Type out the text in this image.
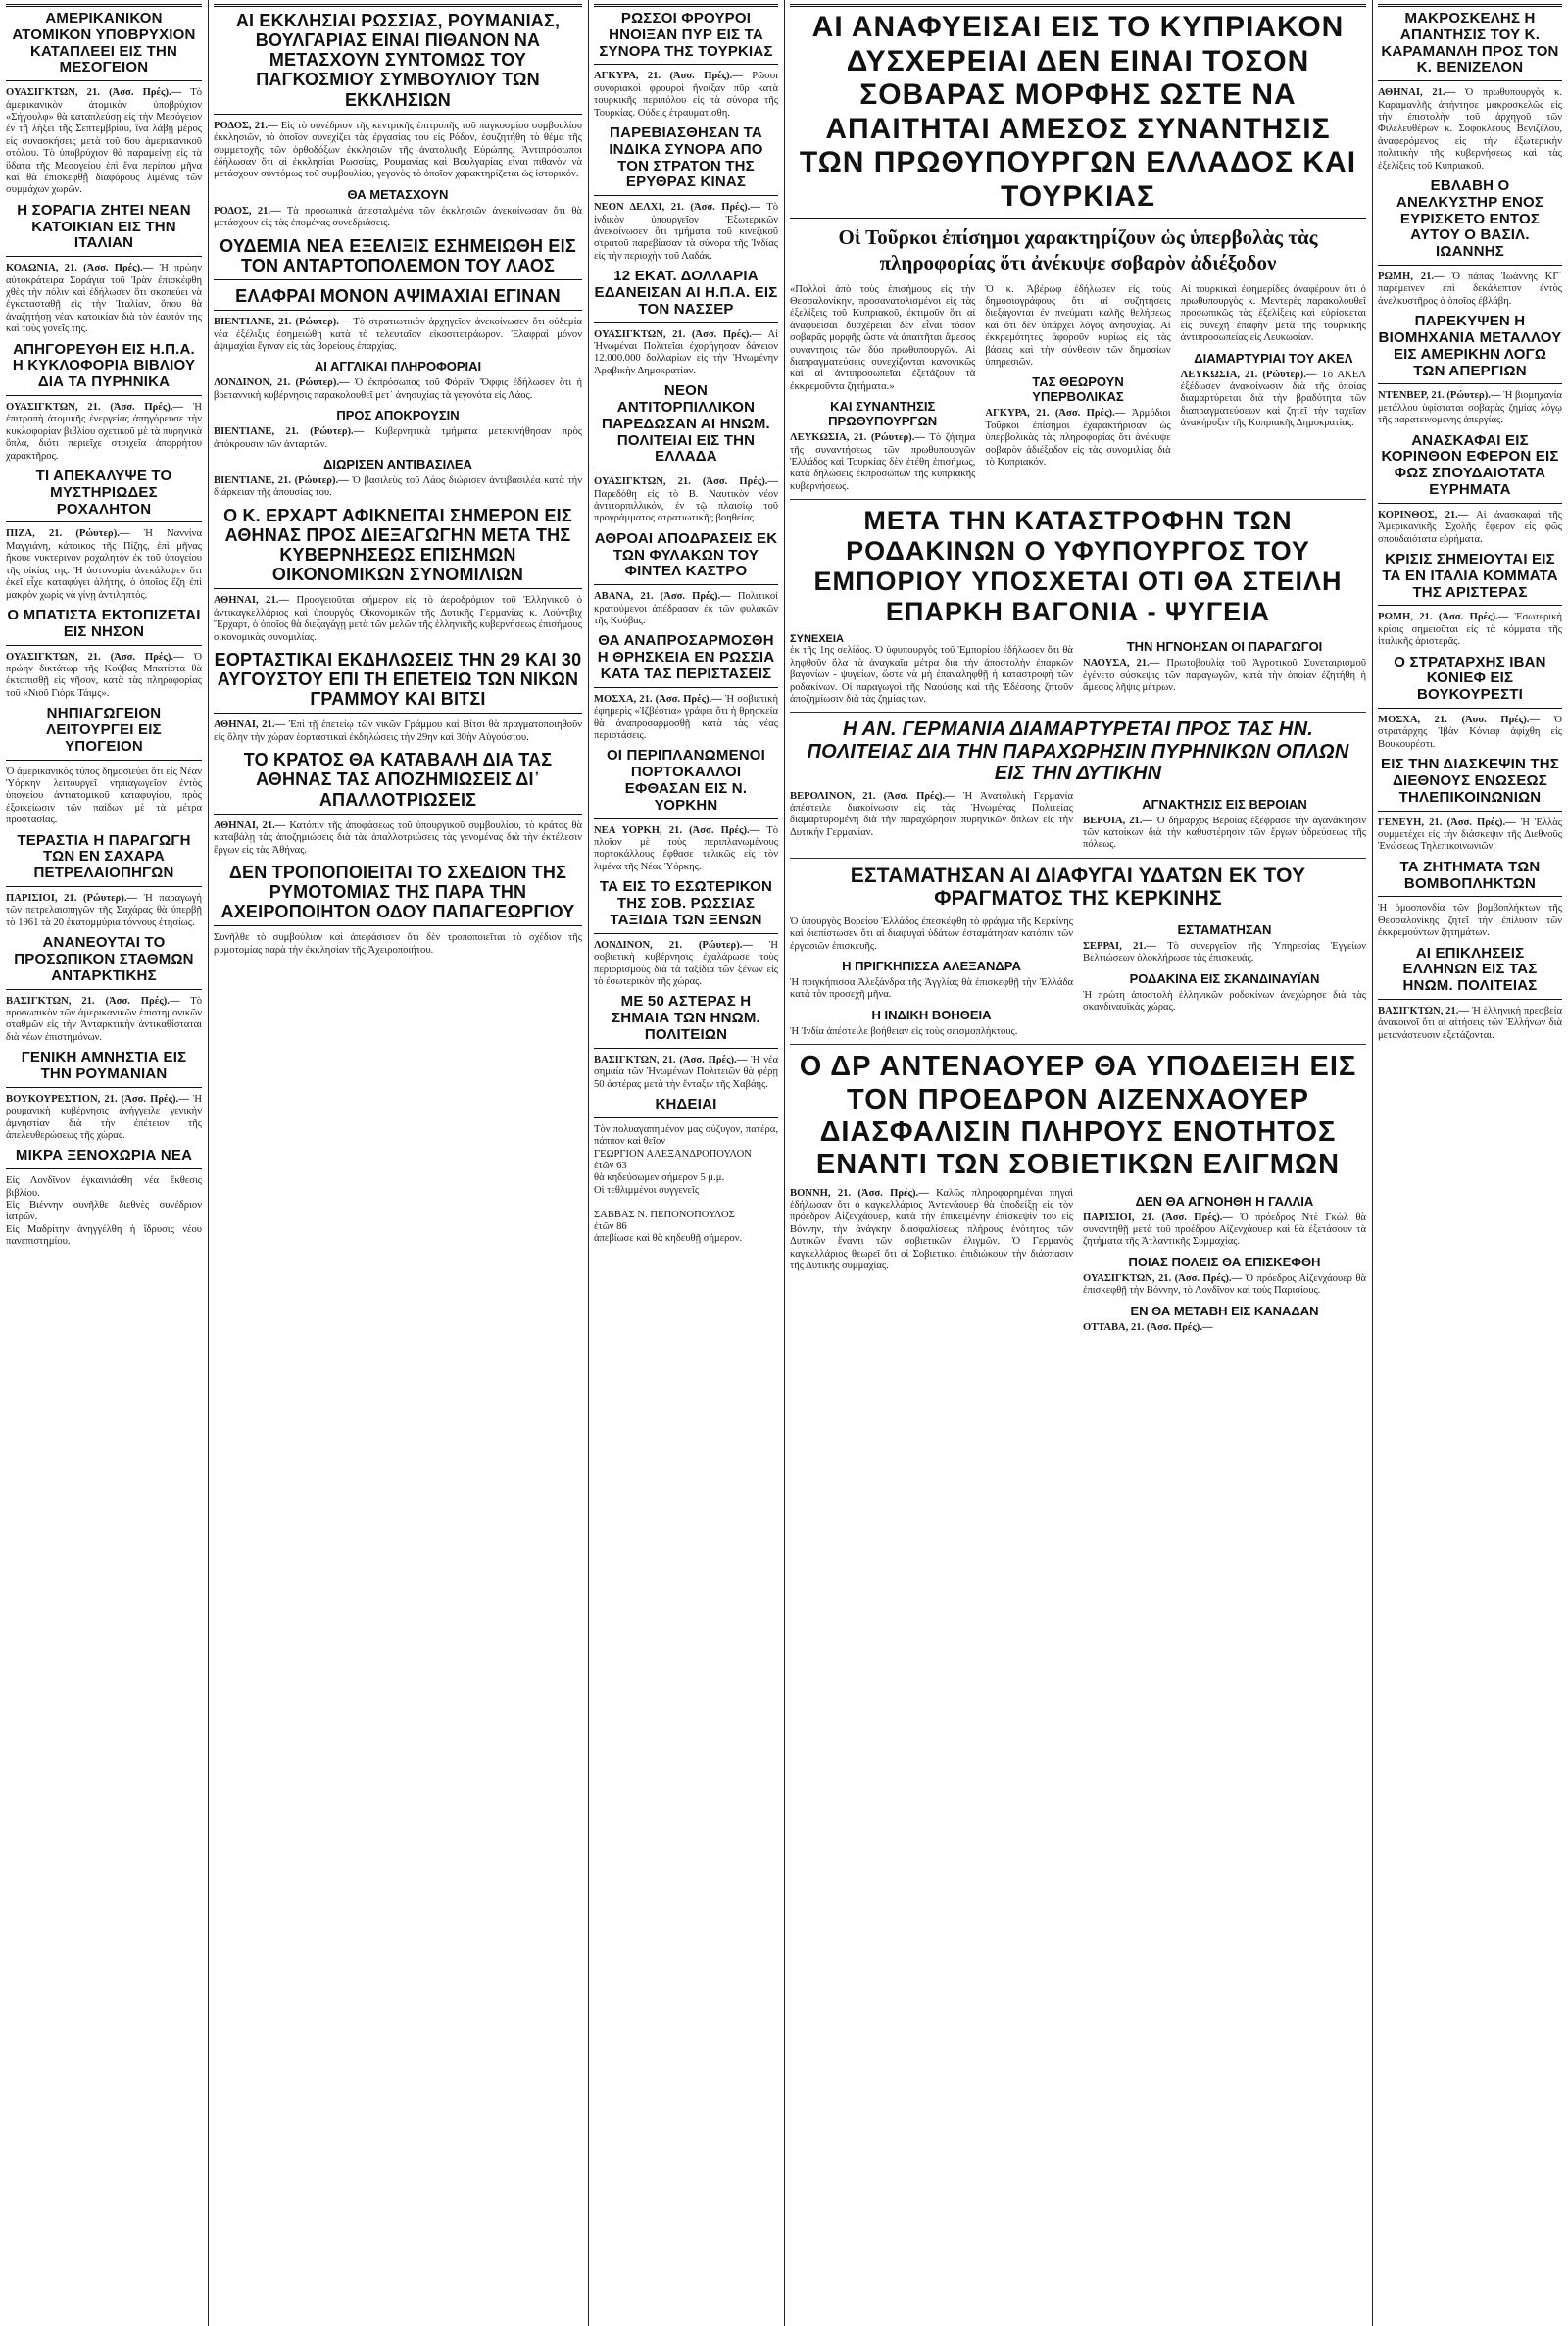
ΑΜΕΡΙΚΑΝΙΚΟΝ ΑΤΟΜΙΚΟΝ ΥΠΟΒΡΥΧΙΟΝ ΚΑΤΑΠΛΕΕΙ ΕΙΣ ΤΗΝ ΜΕΣΟΓΕΙΟΝ

ΟΥΑΣΙΓΚΤΩΝ, 21. (Ἀσσ. Πρές).— Τὸ ἀμερικανικὸν ἀτομικὸν ὑποβρύχιον «Σήγουλφ» θὰ καταπλεύσῃ εἰς τὴν Μεσόγειον ἐν τῇ λήξει τῆς Σεπτεμβρίου, ἵνα λάβῃ μέρος εἰς συνασκήσεις μετὰ τοῦ 6ου ἀμερικανικοῦ στόλου. Τὸ ὑποβρύχιον θὰ παραμείνῃ εἰς τὰ ὕδατα τῆς Μεσογείου ἐπὶ ἕνα περίπου μῆνα καὶ θὰ ἐπισκεφθῇ διαφόρους λιμένας τῶν συμμάχων χωρῶν.

Η ΣΟΡΑΓΙΑ ΖΗΤΕΙ ΝΕΑΝ ΚΑΤΟΙΚΙΑΝ ΕΙΣ ΤΗΝ ΙΤΑΛΙΑΝ

ΚΟΛΩΝΙΑ, 21. (Ἀσσ. Πρές).— Ἡ πρώην αὐτοκράτειρα Σοράγια τοῦ Ἰρὰν ἐπισκέφθη χθὲς τὴν πόλιν καὶ ἐδήλωσεν ὅτι σκοπεύει νὰ ἐγκατασταθῇ εἰς τὴν Ἰταλίαν, ὅπου θὰ ἀναζητήσῃ νέαν κατοικίαν διὰ τὸν ἑαυτόν της καὶ τοὺς γονεῖς της.

ΑΠΗΓΟΡΕΥΘΗ ΕΙΣ Η.Π.Α. Η ΚΥΚΛΟΦΟΡΙΑ ΒΙΒΛΙΟΥ ΔΙΑ ΤΑ ΠΥΡΗΝΙΚΑ

ΟΥΑΣΙΓΚΤΩΝ, 21. (Ἀσσ. Πρές).— Ἡ ἐπιτροπὴ ἀτομικῆς ἐνεργείας ἀπηγόρευσε τὴν κυκλοφορίαν βιβλίου σχετικοῦ μὲ τὰ πυρηνικὰ ὅπλα, διότι περιεῖχε στοιχεῖα ἀπορρήτου χαρακτῆρος.

ΤΙ ΑΠΕΚΑΛΥΨΕ ΤΟ ΜΥΣΤΗΡΙΩΔΕΣ ΡΟΧΑΛΗΤΟΝ

ΠΙΖΑ, 21. (Ρώυτερ).— Ἡ Ναννίνα Μαγγιάνη, κάτοικος τῆς Πίζης, ἐπὶ μῆνας ἤκουε νυκτερινὸν ροχαλητὸν ἐκ τοῦ ὑπογείου τῆς οἰκίας της. Ἡ ἀστυνομία ἀνεκάλυψεν ὅτι ἐκεῖ εἶχε καταφύγει ἀλήτης, ὁ ὁποῖος ἔζη ἐπὶ μακρὸν χωρὶς νὰ γίνῃ ἀντιληπτός.

Ο ΜΠΑΤΙΣΤΑ ΕΚΤΟΠΙΖΕΤΑΙ ΕΙΣ ΝΗΣΟΝ

ΟΥΑΣΙΓΚΤΩΝ, 21. (Ἀσσ. Πρές).— Ὁ πρώην δικτάτωρ τῆς Κούβας Μπατίστα θὰ ἐκτοπισθῇ εἰς νῆσον, κατὰ τὰς πληροφορίας τοῦ «Νιοῦ Γιὸρκ Τάιμς».

ΝΗΠΙΑΓΩΓΕΙΟΝ ΛΕΙΤΟΥΡΓΕΙ ΕΙΣ ΥΠΟΓΕΙΟΝ

Ὁ ἀμερικανικὸς τύπος δημοσιεύει ὅτι εἰς Νέαν Ὑόρκην λειτουργεῖ νηπιαγωγεῖον ἐντὸς ὑπογείου ἀντιατομικοῦ καταφυγίου, πρὸς ἐξοικείωσιν τῶν παίδων μὲ τὰ μέτρα προστασίας.

ΤΕΡΑΣΤΙΑ Η ΠΑΡΑΓΩΓΗ ΤΩΝ ΕΝ ΣΑΧΑΡΑ ΠΕΤΡΕΛΑΙΟΠΗΓΩΝ

ΠΑΡΙΣΙΟΙ, 21. (Ρώυτερ).— Ἡ παραγωγὴ τῶν πετρελαιοπηγῶν τῆς Σαχάρας θὰ ὑπερβῇ τὸ 1961 τὰ 20 ἑκατομμύρια τόννους ἐτησίως.

ΑΝΑΝΕΟΥΤΑΙ ΤΟ ΠΡΟΣΩΠΙΚΟΝ ΣΤΑΘΜΩΝ ΑΝΤΑΡΚΤΙΚΗΣ

ΒΑΣΙΓΚΤΩΝ, 21. (Ἀσσ. Πρές).— Τὸ προσωπικὸν τῶν ἀμερικανικῶν ἐπιστημονικῶν σταθμῶν εἰς τὴν Ἀνταρκτικὴν ἀντικαθίσταται διὰ νέων ἐπιστημόνων.

ΓΕΝΙΚΗ ΑΜΝΗΣΤΙΑ ΕΙΣ ΤΗΝ ΡΟΥΜΑΝΙΑΝ

ΒΟΥΚΟΥΡΕΣΤΙΟΝ, 21. (Ἀσσ. Πρές).— Ἡ ρουμανικὴ κυβέρνησις ἀνήγγειλε γενικὴν ἀμνηστίαν διὰ τὴν ἐπέτειον τῆς ἀπελευθερώσεως τῆς χώρας.

ΜΙΚΡΑ ΞΕΝΟΧΩΡΙΑ ΝΕΑ

Εἰς Λονδῖνον ἐγκαινιάσθη νέα ἔκθεσις βιβλίου.
Εἰς Βιέννην συνῆλθε διεθνὲς συνέδριον ἰατρῶν.
Εἰς Μαδρίτην ἀνηγγέλθη ἡ ἵδρυσις νέου πανεπιστημίου.

ΑΙ ΕΚΚΛΗΣΙΑΙ ΡΩΣΣΙΑΣ, ΡΟΥΜΑΝΙΑΣ, ΒΟΥΛΓΑΡΙΑΣ ΕΙΝΑΙ ΠΙΘΑΝΟΝ ΝΑ ΜΕΤΑΣΧΟΥΝ ΣΥΝΤΟΜΩΣ ΤΟΥ ΠΑΓΚΟΣΜΙΟΥ ΣΥΜΒΟΥΛΙΟΥ ΤΩΝ ΕΚΚΛΗΣΙΩΝ

ΡΟΔΟΣ, 21.— Εἰς τὸ συνέδριον τῆς κεντρικῆς ἐπιτροπῆς τοῦ παγκοσμίου συμβουλίου ἐκκλησιῶν, τὸ ὁποῖον συνεχίζει τὰς ἐργασίας του εἰς Ρόδον, ἐσυζητήθη τὸ θέμα τῆς συμμετοχῆς τῶν ὀρθοδόξων ἐκκλησιῶν τῆς ἀνατολικῆς Εὐρώπης. Ἀντιπρόσωποι ἐδήλωσαν ὅτι αἱ ἐκκλησίαι Ρωσσίας, Ρουμανίας καὶ Βουλγαρίας εἶναι πιθανὸν νὰ μετάσχουν συντόμως τοῦ συμβουλίου, γεγονὸς τὸ ὁποῖον χαρακτηρίζεται ὡς ἱστορικόν.

ΘΑ ΜΕΤΑΣΧΟΥΝ

ΡΟΔΟΣ, 21.— Τὰ προσωπικὰ ἀπεσταλμένα τῶν ἐκκλησιῶν ἀνεκοίνωσαν ὅτι θὰ μετάσχουν εἰς τὰς ἐπομένας συνεδριάσεις.

ΟΥΔΕΜΙΑ ΝΕΑ ΕΞΕΛΙΞΙΣ ΕΣΗΜΕΙΩΘΗ ΕΙΣ ΤΟΝ ΑΝΤΑΡΤΟΠΟΛΕΜΟΝ ΤΟΥ ΛΑΟΣ
ΕΛΑΦΡΑΙ ΜΟΝΟΝ ΑΨΙΜΑΧΙΑΙ ΕΓΙΝΑΝ

ΒΙΕΝΤΙΑΝΕ, 21. (Ρώυτερ).— Τὸ στρατιωτικὸν ἀρχηγεῖον ἀνεκοίνωσεν ὅτι οὐδεμία νέα ἐξέλιξις ἐσημειώθη κατὰ τὸ τελευταῖον εἰκοσιτετράωρον. Ἐλαφραὶ μόνον ἀψιμαχίαι ἔγιναν εἰς τὰς βορείους ἐπαρχίας.

ΑΙ ΑΓΓΛΙΚΑΙ ΠΛΗΡΟΦΟΡΙΑΙ

ΛΟΝΔΙΝΟΝ, 21. (Ρώυτερ).— Ὁ ἐκπρόσωπος τοῦ Φόρεϊν Ὄφφις ἐδήλωσεν ὅτι ἡ βρεταννικὴ κυβέρνησις παρακολουθεῖ μετ᾽ ἀνησυχίας τὰ γεγονότα εἰς Λάος.

ΠΡΟΣ ΑΠΟΚΡΟΥΣΙΝ

ΒΙΕΝΤΙΑΝΕ, 21. (Ρώυτερ).— Κυβερνητικὰ τμήματα μετεκινήθησαν πρὸς ἀπόκρουσιν τῶν ἀνταρτῶν.

ΔΙΩΡΙΣΕΝ ΑΝΤΙΒΑΣΙΛΕΑ

ΒΙΕΝΤΙΑΝΕ, 21. (Ρώυτερ).— Ὁ βασιλεὺς τοῦ Λάος διώρισεν ἀντιβασιλέα κατὰ τὴν διάρκειαν τῆς ἀπουσίας του.

Ο Κ. ΕΡΧΑΡΤ ΑΦΙΚΝΕΙΤΑΙ ΣΗΜΕΡΟΝ ΕΙΣ ΑΘΗΝΑΣ ΠΡΟΣ ΔΙΕΞΑΓΩΓΗΝ ΜΕΤΑ ΤΗΣ ΚΥΒΕΡΝΗΣΕΩΣ ΕΠΙΣΗΜΩΝ ΟΙΚΟΝΟΜΙΚΩΝ ΣΥΝΟΜΙΛΙΩΝ

ΑΘΗΝΑΙ, 21.— Προσγειοῦται σήμερον εἰς τὸ ἀεροδρόμιον τοῦ Ἑλληνικοῦ ὁ ἀντικαγκελλάριος καὶ ὑπουργὸς Οἰκονομικῶν τῆς Δυτικῆς Γερμανίας κ. Λούντβιχ Ἔρχαρτ, ὁ ὁποῖος θὰ διεξαγάγῃ μετὰ τῶν μελῶν τῆς ἑλληνικῆς κυβερνήσεως ἐπισήμους οἰκονομικὰς συνομιλίας.

ΕΟΡΤΑΣΤΙΚΑΙ ΕΚΔΗΛΩΣΕΙΣ ΤΗΝ 29 ΚΑΙ 30 ΑΥΓΟΥΣΤΟΥ ΕΠΙ ΤΗ ΕΠΕΤΕΙΩ ΤΩΝ ΝΙΚΩΝ ΓΡΑΜΜΟΥ ΚΑΙ ΒΙΤΣΙ

ΑΘΗΝΑΙ, 21.— Ἐπὶ τῇ ἐπετείῳ τῶν νικῶν Γράμμου καὶ Βίτσι θὰ πραγματοποιηθοῦν εἰς ὅλην τὴν χώραν ἑορταστικαὶ ἐκδηλώσεις τὴν 29ην καὶ 30ὴν Αὐγούστου.

ΤΟ ΚΡΑΤΟΣ ΘΑ ΚΑΤΑΒΑΛΗ ΔΙΑ ΤΑΣ ΑΘΗΝΑΣ ΤΑΣ ΑΠΟΖΗΜΙΩΣΕΙΣ ΔΙ᾽ ΑΠΑΛΛΟΤΡΙΩΣΕΙΣ

ΑΘΗΝΑΙ, 21.— Κατόπιν τῆς ἀποφάσεως τοῦ ὑπουργικοῦ συμβουλίου, τὸ κράτος θὰ καταβάλῃ τὰς ἀποζημιώσεις διὰ τὰς ἀπαλλοτριώσεις τὰς γενομένας διὰ τὴν ἐκτέλεσιν ἔργων εἰς τὰς Ἀθήνας.

ΔΕΝ ΤΡΟΠΟΠΟΙΕΙΤΑΙ ΤΟ ΣΧΕΔΙΟΝ ΤΗΣ ΡΥΜΟΤΟΜΙΑΣ ΤΗΣ ΠΑΡΑ ΤΗΝ ΑΧΕΙΡΟΠΟΙΗΤΟΝ ΟΔΟΥ ΠΑΠΑΓΕΩΡΓΙΟΥ

Συνῆλθε τὸ συμβούλιον καὶ ἀπεφάσισεν ὅτι δὲν τροποποιεῖται τὸ σχέδιον τῆς ρυμοτομίας παρὰ τὴν ἐκκλησίαν τῆς Ἀχειροποιήτου.

ΡΩΣΣΟΙ ΦΡΟΥΡΟΙ ΗΝΟΙΞΑΝ ΠΥΡ ΕΙΣ ΤΑ ΣΥΝΟΡΑ ΤΗΣ ΤΟΥΡΚΙΑΣ

ΑΓΚΥΡΑ, 21. (Ἀσσ. Πρές).— Ρῶσοι συνοριακοὶ φρουροὶ ἤνοιξαν πῦρ κατὰ τουρκικῆς περιπόλου εἰς τὰ σύνορα τῆς Τουρκίας. Οὐδεὶς ἐτραυματίσθη.

ΠΑΡΕΒΙΑΣΘΗΣΑΝ ΤΑ ΙΝΔΙΚΑ ΣΥΝΟΡΑ ΑΠΟ ΤΟΝ ΣΤΡΑΤΟΝ ΤΗΣ ΕΡΥΘΡΑΣ ΚΙΝΑΣ

ΝΕΟΝ ΔΕΛΧΙ, 21. (Ἀσσ. Πρές).— Τὸ ἰνδικὸν ὑπουργεῖον Ἐξωτερικῶν ἀνεκοίνωσεν ὅτι τμήματα τοῦ κινεζικοῦ στρατοῦ παρεβίασαν τὰ σύνορα τῆς Ἰνδίας εἰς τὴν περιοχὴν τοῦ Λαδάκ.

12 ΕΚΑΤ. ΔΟΛΛΑΡΙΑ ΕΔΑΝΕΙΣΑΝ ΑΙ Η.Π.Α. ΕΙΣ ΤΟΝ ΝΑΣΣΕΡ

ΟΥΑΣΙΓΚΤΩΝ, 21. (Ἀσσ. Πρές).— Αἱ Ἡνωμέναι Πολιτεῖαι ἐχορήγησαν δάνειον 12.000.000 δολλαρίων εἰς τὴν Ἡνωμένην Ἀραβικὴν Δημοκρατίαν.

ΝΕΟΝ ΑΝΤΙΤΟΡΠΙΛΛΙΚΟΝ ΠΑΡΕΔΩΣΑΝ ΑΙ ΗΝΩΜ. ΠΟΛΙΤΕΙΑΙ ΕΙΣ ΤΗΝ ΕΛΛΑΔΑ

ΟΥΑΣΙΓΚΤΩΝ, 21. (Ἀσσ. Πρές).— Παρεδόθη εἰς τὸ Β. Ναυτικὸν νέον ἀντιτορπιλλικόν, ἐν τῷ πλαισίῳ τοῦ προγράμματος στρατιωτικῆς βοηθείας.

ΑΘΡΟΑΙ ΑΠΟΔΡΑΣΕΙΣ ΕΚ ΤΩΝ ΦΥΛΑΚΩΝ ΤΟΥ ΦΙΝΤΕΛ ΚΑΣΤΡΟ

ΑΒΑΝΑ, 21. (Ἀσσ. Πρές).— Πολιτικοὶ κρατούμενοι ἀπέδρασαν ἐκ τῶν φυλακῶν τῆς Κούβας.

ΘΑ ΑΝΑΠΡΟΣΑΡΜΟΣΘΗ Η ΘΡΗΣΚΕΙΑ ΕΝ ΡΩΣΣΙΑ ΚΑΤΑ ΤΑΣ ΠΕΡΙΣΤΑΣΕΙΣ

ΜΟΣΧΑ, 21. (Ἀσσ. Πρές).— Ἡ σοβιετικὴ ἐφημερὶς «Ἰζβέστια» γράφει ὅτι ἡ θρησκεία θὰ ἀναπροσαρμοσθῇ κατὰ τὰς νέας περιστάσεις.

ΟΙ ΠΕΡΙΠΛΑΝΩΜΕΝΟΙ ΠΟΡΤΟΚΑΛΛΟΙ ΕΦΘΑΣΑΝ ΕΙΣ Ν. ΥΟΡΚΗΝ

ΝΕΑ ΥΟΡΚΗ, 21. (Ἀσσ. Πρές).— Τὸ πλοῖον μὲ τοὺς περιπλανωμένους πορτοκάλλους ἔφθασε τελικῶς εἰς τὸν λιμένα τῆς Νέας Ὑόρκης.

ΤΑ ΕΙΣ ΤΟ ΕΣΩΤΕΡΙΚΟΝ ΤΗΣ ΣΟΒ. ΡΩΣΣΙΑΣ ΤΑΞΙΔΙΑ ΤΩΝ ΞΕΝΩΝ

ΛΟΝΔΙΝΟΝ, 21. (Ρώυτερ).— Ἡ σοβιετικὴ κυβέρνησις ἐχαλάρωσε τοὺς περιορισμοὺς διὰ τὰ ταξίδια τῶν ξένων εἰς τὸ ἐσωτερικὸν τῆς χώρας.

ΜΕ 50 ΑΣΤΕΡΑΣ Η ΣΗΜΑΙΑ ΤΩΝ ΗΝΩΜ. ΠΟΛΙΤΕΙΩΝ

ΒΑΣΙΓΚΤΩΝ, 21. (Ἀσσ. Πρές).— Ἡ νέα σημαία τῶν Ἡνωμένων Πολιτειῶν θὰ φέρῃ 50 ἀστέρας μετὰ τὴν ἔνταξιν τῆς Χαβάης.

ΚΗΔΕΙΑΙ

Τὸν πολυαγαπημένον μας σύζυγον, πατέρα, πάππον καὶ θεῖον
ΓΕΩΡΓΙΟΝ ΑΛΕΞΑΝΔΡΟΠΟΥΛΟΝ
ἐτῶν 63
θὰ κηδεύσωμεν σήμερον 5 μ.μ.
Οἱ τεθλιμμένοι συγγενεῖς

ΣΑΒΒΑΣ Ν. ΠΕΠΟΝΟΠΟΥΛΟΣ
ἐτῶν 86
ἀπεβίωσε καὶ θὰ κηδευθῇ σήμερον.

ΑΙ ΑΝΑΦΥΕΙΣΑΙ ΕΙΣ ΤΟ ΚΥΠΡΙΑΚΟΝ ΔΥΣΧΕΡΕΙΑΙ ΔΕΝ ΕΙΝΑΙ ΤΟΣΟΝ ΣΟΒΑΡΑΣ ΜΟΡΦΗΣ ΩΣΤΕ ΝΑ ΑΠΑΙΤΗΤΑΙ ΑΜΕΣΟΣ ΣΥΝΑΝΤΗΣΙΣ ΤΩΝ ΠΡΩΘΥΠΟΥΡΓΩΝ ΕΛΛΑΔΟΣ ΚΑΙ ΤΟΥΡΚΙΑΣ
Οἱ Τοῦρκοι ἐπίσημοι χαρακτηρίζουν ὡς ὑπερβολὰς τὰς πληροφορίας ὅτι ἀνέκυψε σοβαρὸν ἀδιέξοδον

«Πολλοὶ ἀπὸ τοὺς ἐπισήμους εἰς τὴν Θεσσαλονίκην, προσανατολισμένοι εἰς τὰς ἐξελίξεις τοῦ Κυπριακοῦ, ἐκτιμοῦν ὅτι αἱ ἀναφυεῖσαι δυσχέρειαι δὲν εἶναι τόσον σοβαρᾶς μορφῆς ὥστε νὰ ἀπαιτῆται ἄμεσος συνάντησις τῶν δύο πρωθυπουργῶν. Αἱ διαπραγματεύσεις συνεχίζονται κανονικῶς καὶ αἱ ἀντιπροσωπεῖαι ἐξετάζουν τὰ ἐκκρεμοῦντα ζητήματα.»

ΚΑΙ ΣΥΝΑΝΤΗΣΙΣ ΠΡΩΘΥΠΟΥΡΓΩΝ

ΛΕΥΚΩΣΙΑ, 21. (Ρώυτερ).— Τὸ ζήτημα τῆς συναντήσεως τῶν πρωθυπουργῶν Ἑλλάδος καὶ Τουρκίας δὲν ἐτέθη ἐπισήμως, κατὰ δηλώσεις ἐκπροσώπων τῆς κυπριακῆς κυβερνήσεως.

Ὁ κ. Ἀβέρωφ ἐδήλωσεν εἰς τοὺς δημοσιογράφους ὅτι αἱ συζητήσεις διεξάγονται ἐν πνεύματι καλῆς θελήσεως καὶ ὅτι δὲν ὑπάρχει λόγος ἀνησυχίας. Αἱ ἐκκρεμότητες ἀφοροῦν κυρίως εἰς τὰς βάσεις καὶ τὴν σύνθεσιν τῶν δημοσίων ὑπηρεσιῶν.

ΤΑΣ ΘΕΩΡΟΥΝ ΥΠΕΡΒΟΛΙΚΑΣ

ΑΓΚΥΡΑ, 21. (Ἀσσ. Πρές).— Ἀρμόδιοι Τοῦρκοι ἐπίσημοι ἐχαρακτήρισαν ὡς ὑπερβολικὰς τὰς πληροφορίας ὅτι ἀνέκυψε σοβαρὸν ἀδιέξοδον εἰς τὰς συνομιλίας διὰ τὸ Κυπριακόν.

Αἱ τουρκικαὶ ἐφημερίδες ἀναφέρουν ὅτι ὁ πρωθυπουργὸς κ. Μεντερὲς παρακολουθεῖ προσωπικῶς τὰς ἐξελίξεις καὶ εὑρίσκεται εἰς συνεχῆ ἐπαφὴν μετὰ τῆς τουρκικῆς ἀντιπροσωπείας εἰς Λευκωσίαν.

ΔΙΑΜΑΡΤΥΡΙΑΙ ΤΟΥ ΑΚΕΛ

ΛΕΥΚΩΣΙΑ, 21. (Ρώυτερ).— Τὸ ΑΚΕΛ ἐξέδωσεν ἀνακοίνωσιν διὰ τῆς ὁποίας διαμαρτύρεται διὰ τὴν βραδύτητα τῶν διαπραγματεύσεων καὶ ζητεῖ τὴν ταχεῖαν ἀνακήρυξιν τῆς Κυπριακῆς Δημοκρατίας.

ΜΕΤΑ ΤΗΝ ΚΑΤΑΣΤΡΟΦΗΝ ΤΩΝ ΡΟΔΑΚΙΝΩΝ Ο ΥΦΥΠΟΥΡΓΟΣ ΤΟΥ ΕΜΠΟΡΙΟΥ ΥΠΟΣΧΕΤΑΙ ΟΤΙ ΘΑ ΣΤΕΙΛΗ ΕΠΑΡΚΗ ΒΑΓΟΝΙΑ - ΨΥΓΕΙΑ
ΣΥΝΕΧΕΙΑ

ἐκ τῆς 1ης σελίδος. Ὁ ὑφυπουργὸς τοῦ Ἐμπορίου ἐδήλωσεν ὅτι θὰ ληφθοῦν ὅλα τὰ ἀναγκαῖα μέτρα διὰ τὴν ἀποστολὴν ἐπαρκῶν βαγονίων - ψυγείων, ὥστε νὰ μὴ ἐπαναληφθῇ ἡ καταστροφὴ τῶν ροδακίνων. Οἱ παραγωγοὶ τῆς Ναούσης καὶ τῆς Ἐδέσσης ζητοῦν ἀποζημίωσιν διὰ τὰς ζημίας των.

ΤΗΝ ΗΓΝΟΗΣΑΝ ΟΙ ΠΑΡΑΓΩΓΟΙ

ΝΑΟΥΣΑ, 21.— Πρωτοβουλίᾳ τοῦ Ἀγροτικοῦ Συνεταιρισμοῦ ἐγένετο σύσκεψις τῶν παραγωγῶν, κατὰ τὴν ὁποίαν ἐζητήθη ἡ ἄμεσος λῆψις μέτρων.

Η ΑΝ. ΓΕΡΜΑΝΙΑ ΔΙΑΜΑΡΤΥΡΕΤΑΙ ΠΡΟΣ ΤΑΣ ΗΝ. ΠΟΛΙΤΕΙΑΣ ΔΙΑ ΤΗΝ ΠΑΡΑΧΩΡΗΣΙΝ ΠΥΡΗΝΙΚΩΝ ΟΠΛΩΝ ΕΙΣ ΤΗΝ ΔΥΤΙΚΗΝ

ΒΕΡΟΛΙΝΟΝ, 21. (Ἀσσ. Πρές).— Ἡ Ἀνατολικὴ Γερμανία ἀπέστειλε διακοίνωσιν εἰς τὰς Ἡνωμένας Πολιτείας διαμαρτυρομένη διὰ τὴν παραχώρησιν πυρηνικῶν ὅπλων εἰς τὴν Δυτικὴν Γερμανίαν.

ΑΓΝΑΚΤΗΣΙΣ ΕΙΣ ΒΕΡΟΙΑΝ

ΒΕΡΟΙΑ, 21.— Ὁ δήμαρχος Βεροίας ἐξέφρασε τὴν ἀγανάκτησιν τῶν κατοίκων διὰ τὴν καθυστέρησιν τῶν ἔργων ὑδρεύσεως τῆς πόλεως.

ΕΣΤΑΜΑΤΗΣΑΝ ΑΙ ΔΙΑΦΥΓΑΙ ΥΔΑΤΩΝ ΕΚ ΤΟΥ ΦΡΑΓΜΑΤΟΣ ΤΗΣ ΚΕΡΚΙΝΗΣ

Ὁ ὑπουργὸς Βορείου Ἑλλάδος ἐπεσκέφθη τὸ φράγμα τῆς Κερκίνης καὶ διεπίστωσεν ὅτι αἱ διαφυγαὶ ὑδάτων ἐσταμάτησαν κατόπιν τῶν ἐργασιῶν ἐπισκευῆς.

Η ΠΡΙΓΚΗΠΙΣΣΑ ΑΛΕΞΑΝΔΡΑ

Ἡ πριγκήπισσα Ἀλεξάνδρα τῆς Ἀγγλίας θὰ ἐπισκεφθῇ τὴν Ἑλλάδα κατὰ τὸν προσεχῆ μῆνα.

Η ΙΝΔΙΚΗ ΒΟΗΘΕΙΑ

Ἡ Ἰνδία ἀπέστειλε βοήθειαν εἰς τοὺς σεισμοπλήκτους.

ΕΣΤΑΜΑΤΗΣΑΝ

ΣΕΡΡΑΙ, 21.— Τὸ συνεργεῖον τῆς Ὑπηρεσίας Ἐγγείων Βελτιώσεων ὁλοκλήρωσε τὰς ἐπισκευάς.

ΡΟΔΑΚΙΝΑ ΕΙΣ ΣΚΑΝΔΙΝΑΥΪΑΝ

Ἡ πρώτη ἀποστολὴ ἑλληνικῶν ροδακίνων ἀνεχώρησε διὰ τὰς σκανδιναυϊκὰς χώρας.

Ο ΔΡ ΑΝΤΕΝΑΟΥΕΡ ΘΑ ΥΠΟΔΕΙΞΗ ΕΙΣ ΤΟΝ ΠΡΟΕΔΡΟΝ ΑΙΖΕΝΧΑΟΥΕΡ ΔΙΑΣΦΑΛΙΣΙΝ ΠΛΗΡΟΥΣ ΕΝΟΤΗΤΟΣ ΕΝΑΝΤΙ ΤΩΝ ΣΟΒΙΕΤΙΚΩΝ ΕΛΙΓΜΩΝ

ΒΟΝΝΗ, 21. (Ἀσσ. Πρές).— Καλῶς πληροφορημέναι πηγαὶ ἐδήλωσαν ὅτι ὁ καγκελλάριος Ἀντενάουερ θὰ ὑποδείξῃ εἰς τὸν πρόεδρον Αἰζενχάουερ, κατὰ τὴν ἐπικειμένην ἐπίσκεψίν του εἰς Βόννην, τὴν ἀνάγκην διασφαλίσεως πλήρους ἑνότητος τῶν Δυτικῶν ἔναντι τῶν σοβιετικῶν ἐλιγμῶν. Ὁ Γερμανὸς καγκελλάριος θεωρεῖ ὅτι οἱ Σοβιετικοὶ ἐπιδιώκουν τὴν διάσπασιν τῆς Δυτικῆς συμμαχίας.

ΔΕΝ ΘΑ ΑΓΝΟΗΘΗ Η ΓΑΛΛΙΑ

ΠΑΡΙΣΙΟΙ, 21. (Ἀσσ. Πρές).— Ὁ πρόεδρος Ντὲ Γκὼλ θὰ συναντηθῇ μετὰ τοῦ προέδρου Αἰζενχάουερ καὶ θὰ ἐξετάσουν τὰ ζητήματα τῆς Ἀτλαντικῆς Συμμαχίας.

ΠΟΙΑΣ ΠΟΛΕΙΣ ΘΑ ΕΠΙΣΚΕΦΘΗ

ΟΥΑΣΙΓΚΤΩΝ, 21. (Ἀσσ. Πρές).— Ὁ πρόεδρος Αἰζενχάουερ θὰ ἐπισκεφθῇ τὴν Βόννην, τὸ Λονδῖνον καὶ τοὺς Παρισίους.

ΕΝ ΘΑ ΜΕΤΑΒΗ ΕΙΣ ΚΑΝΑΔΑΝ

ΟΤΤΑΒΑ, 21. (Ἀσσ. Πρές).—

ΜΑΚΡΟΣΚΕΛΗΣ Η ΑΠΑΝΤΗΣΙΣ ΤΟΥ Κ. ΚΑΡΑΜΑΝΛΗ ΠΡΟΣ ΤΟΝ Κ. ΒΕΝΙΖΕΛΟΝ

ΑΘΗΝΑΙ, 21.— Ὁ πρωθυπουργὸς κ. Καραμανλῆς ἀπήντησε μακροσκελῶς εἰς τὴν ἐπιστολὴν τοῦ ἀρχηγοῦ τῶν Φιλελευθέρων κ. Σοφοκλέους Βενιζέλου, ἀναφερόμενος εἰς τὴν ἐξωτερικὴν πολιτικὴν τῆς κυβερνήσεως καὶ τὰς ἐξελίξεις τοῦ Κυπριακοῦ.

ΕΒΛΑΒΗ Ο ΑΝΕΛΚΥΣΤΗΡ ΕΝΟΣ ΕΥΡΙΣΚΕΤΟ ΕΝΤΟΣ ΑΥΤΟΥ Ο ΒΑΣΙΛ. ΙΩΑΝΝΗΣ

ΡΩΜΗ, 21.— Ὁ πάπας Ἰωάννης ΚΓ΄ παρέμεινεν ἐπὶ δεκάλεπτον ἐντὸς ἀνελκυστῆρος ὁ ὁποῖος ἐβλάβη.

ΠΑΡΕΚΥΨΕΝ Η ΒΙΟΜΗΧΑΝΙΑ ΜΕΤΑΛΛΟΥ ΕΙΣ ΑΜΕΡΙΚΗΝ ΛΟΓΩ ΤΩΝ ΑΠΕΡΓΙΩΝ

ΝΤΕΝΒΕΡ, 21. (Ρώυτερ).— Ἡ βιομηχανία μετάλλου ὑφίσταται σοβαρὰς ζημίας λόγῳ τῆς παρατεινομένης ἀπεργίας.

ΑΝΑΣΚΑΦΑΙ ΕΙΣ ΚΟΡΙΝΘΟΝ ΕΦΕΡΟΝ ΕΙΣ ΦΩΣ ΣΠΟΥΔΑΙΟΤΑΤΑ ΕΥΡΗΜΑΤΑ

ΚΟΡΙΝΘΟΣ, 21.— Αἱ ἀνασκαφαὶ τῆς Ἀμερικανικῆς Σχολῆς ἔφερον εἰς φῶς σπουδαιότατα εὑρήματα.

ΚΡΙΣΙΣ ΣΗΜΕΙΟΥΤΑΙ ΕΙΣ ΤΑ ΕΝ ΙΤΑΛΙΑ ΚΟΜΜΑΤΑ ΤΗΣ ΑΡΙΣΤΕΡΑΣ

ΡΩΜΗ, 21. (Ἀσσ. Πρές).— Ἐσωτερικὴ κρίσις σημειοῦται εἰς τὰ κόμματα τῆς ἰταλικῆς ἀριστερᾶς.

Ο ΣΤΡΑΤΑΡΧΗΣ ΙΒΑΝ ΚΟΝΙΕΦ ΕΙΣ ΒΟΥΚΟΥΡΕΣΤΙ

ΜΟΣΧΑ, 21. (Ἀσσ. Πρές).— Ὁ στρατάρχης Ἰβὰν Κόνιεφ ἀφίχθη εἰς Βουκουρέστι.

ΕΙΣ ΤΗΝ ΔΙΑΣΚΕΨΙΝ ΤΗΣ ΔΙΕΘΝΟΥΣ ΕΝΩΣΕΩΣ ΤΗΛΕΠΙΚΟΙΝΩΝΙΩΝ

ΓΕΝΕΥΗ, 21. (Ἀσσ. Πρές).— Ἡ Ἑλλὰς συμμετέχει εἰς τὴν διάσκεψιν τῆς Διεθνοῦς Ἑνώσεως Τηλεπικοινωνιῶν.

ΤΑ ΖΗΤΗΜΑΤΑ ΤΩΝ ΒΟΜΒΟΠΛΗΚΤΩΝ

Ἡ ὁμοσπονδία τῶν βομβοπλήκτων τῆς Θεσσαλονίκης ζητεῖ τὴν ἐπίλυσιν τῶν ἐκκρεμούντων ζητημάτων.

ΑΙ ΕΠΙΚΛΗΣΕΙΣ ΕΛΛΗΝΩΝ ΕΙΣ ΤΑΣ ΗΝΩΜ. ΠΟΛΙΤΕΙΑΣ

ΒΑΣΙΓΚΤΩΝ, 21.— Ἡ ἑλληνικὴ πρεσβεία ἀνακοινοῖ ὅτι αἱ αἰτήσεις τῶν Ἑλλήνων διὰ μετανάστευσιν ἐξετάζονται.
